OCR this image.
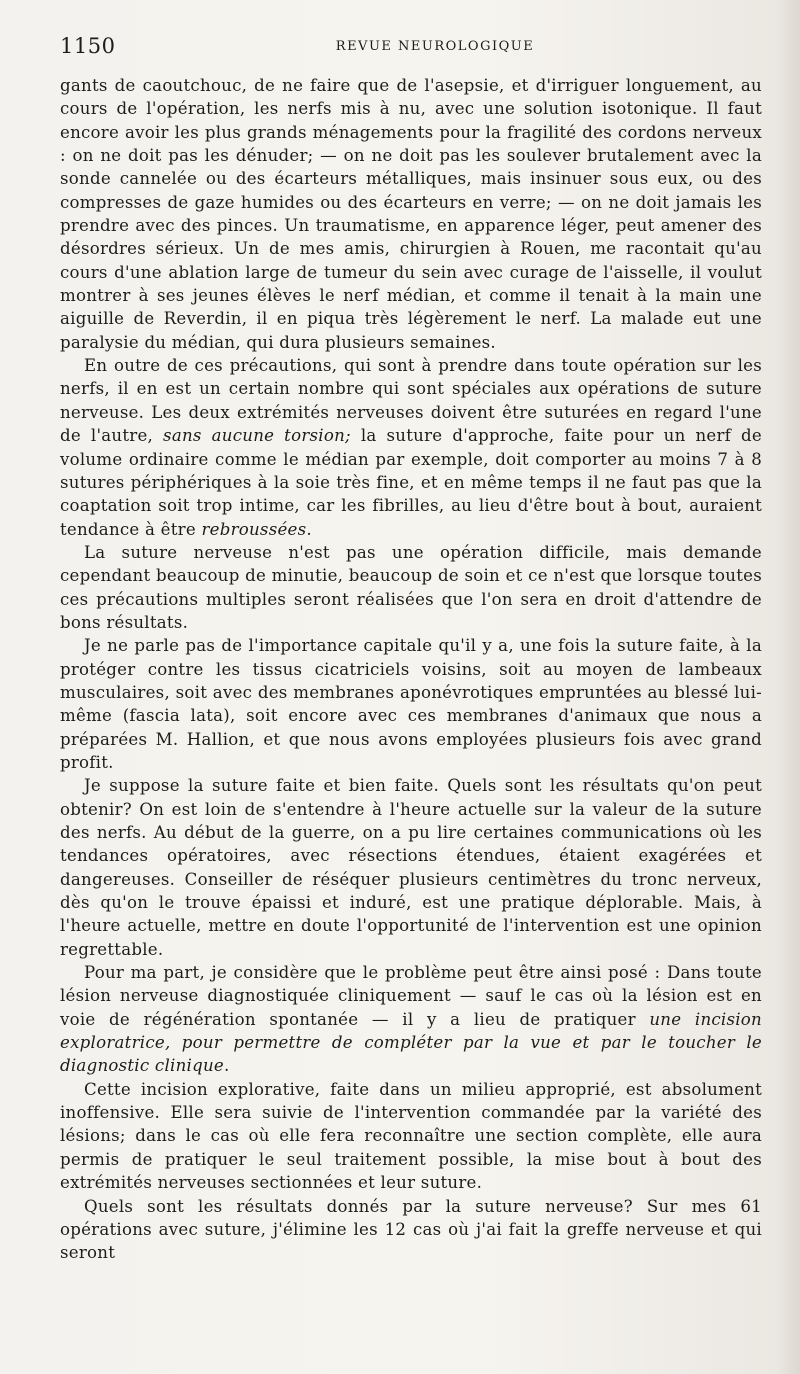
1150	REVUE NEUROLOGIQUE

gants de caoutchouc, de ne faire que de l'asepsie, et d'irriguer longuement, au cours de l'opération, les nerfs mis à nu, avec une solution isotonique. Il faut encore avoir les plus grands ménagements pour la fragilité des cordons nerveux : on ne doit pas les dénuder; — on ne doit pas les soulever brutalement avec la sonde cannelée ou des écarteurs métalliques, mais insinuer sous eux, ou des compresses de gaze humides ou des écarteurs en verre; — on ne doit jamais les prendre avec des pinces. Un traumatisme, en apparence léger, peut amener des désordres sérieux. Un de mes amis, chirurgien à Rouen, me racontait qu'au cours d'une ablation large de tumeur du sein avec curage de l'aisselle, il voulut montrer à ses jeunes élèves le nerf médian, et comme il tenait à la main une aiguille de Reverdin, il en piqua très légèrement le nerf. La malade eut une paralysie du médian, qui dura plusieurs semaines.

En outre de ces précautions, qui sont à prendre dans toute opération sur les nerfs, il en est un certain nombre qui sont spéciales aux opérations de suture nerveuse. Les deux extrémités nerveuses doivent être suturées en regard l'une de l'autre, sans aucune torsion; la suture d'approche, faite pour un nerf de volume ordinaire comme le médian par exemple, doit comporter au moins 7 à 8 sutures périphériques à la soie très fine, et en même temps il ne faut pas que la coaptation soit trop intime, car les fibrilles, au lieu d'être bout à bout, auraient tendance à être rebroussées.

La suture nerveuse n'est pas une opération difficile, mais demande cependant beaucoup de minutie, beaucoup de soin et ce n'est que lorsque toutes ces précautions multiples seront réalisées que l'on sera en droit d'attendre de bons résultats.

Je ne parle pas de l'importance capitale qu'il y a, une fois la suture faite, à la protéger contre les tissus cicatriciels voisins, soit au moyen de lambeaux musculaires, soit avec des membranes aponévrotiques empruntées au blessé lui-même (fascia lata), soit encore avec ces membranes d'animaux que nous a préparées M. Hallion, et que nous avons employées plusieurs fois avec grand profit.

Je suppose la suture faite et bien faite. Quels sont les résultats qu'on peut obtenir? On est loin de s'entendre à l'heure actuelle sur la valeur de la suture des nerfs. Au début de la guerre, on a pu lire certaines communications où les tendances opératoires, avec résections étendues, étaient exagérées et dangereuses. Conseiller de réséquer plusieurs centimètres du tronc nerveux, dès qu'on le trouve épaissi et induré, est une pratique déplorable. Mais, à l'heure actuelle, mettre en doute l'opportunité de l'intervention est une opinion regrettable.

Pour ma part, je considère que le problème peut être ainsi posé : Dans toute lésion nerveuse diagnostiquée cliniquement — sauf le cas où la lésion est en voie de régénération spontanée — il y a lieu de pratiquer une incision exploratrice, pour permettre de compléter par la vue et par le toucher le diagnostic clinique.

Cette incision explorative, faite dans un milieu approprié, est absolument inoffensive. Elle sera suivie de l'intervention commandée par la variété des lésions; dans le cas où elle fera reconnaître une section complète, elle aura permis de pratiquer le seul traitement possible, la mise bout à bout des extrémités nerveuses sectionnées et leur suture.

Quels sont les résultats donnés par la suture nerveuse? Sur mes 61 opérations avec suture, j'élimine les 12 cas où j'ai fait la greffe nerveuse et qui seront
